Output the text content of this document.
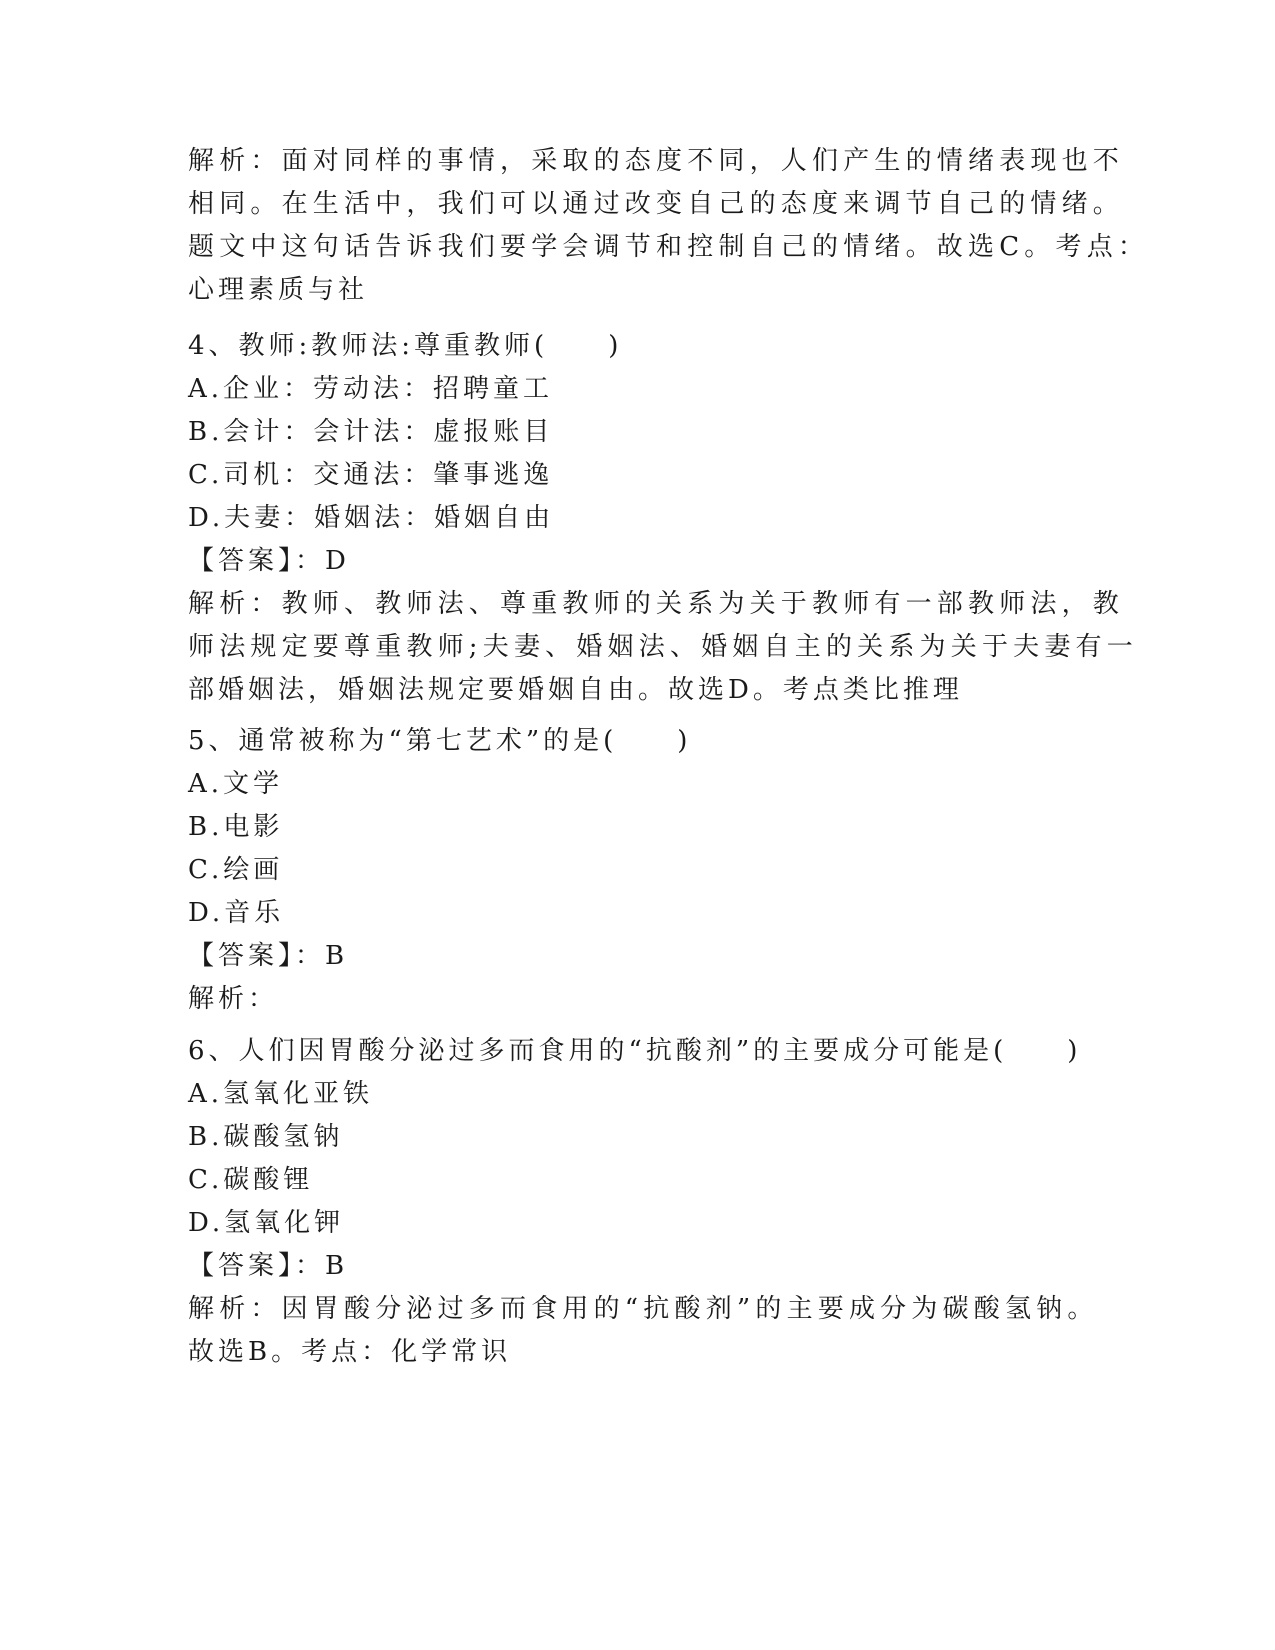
解析：面对同样的事情，采取的态度不同，人们产生的情绪表现也不
相同。在生活中，我们可以通过改变自己的态度来调节自己的情绪。
题文中这句话告诉我们要学会调节和控制自己的情绪。故选C。考点：
心理素质与社
4、教师:教师法:尊重教师(　　)
A.企业：劳动法：招聘童工
B.会计：会计法：虚报账目
C.司机：交通法：肇事逃逸
D.夫妻：婚姻法：婚姻自由
【答案】：D
解析：教师、教师法、尊重教师的关系为关于教师有一部教师法，教
师法规定要尊重教师;夫妻、婚姻法、婚姻自主的关系为关于夫妻有一
部婚姻法，婚姻法规定要婚姻自由。故选D。考点类比推理
5、通常被称为“第七艺术”的是(　　)
A.文学
B.电影
C.绘画
D.音乐
【答案】：B
解析：
6、人们因胃酸分泌过多而食用的“抗酸剂”的主要成分可能是(　　)
A.氢氧化亚铁
B.碳酸氢钠
C.碳酸锂
D.氢氧化钾
【答案】：B
解析：因胃酸分泌过多而食用的“抗酸剂”的主要成分为碳酸氢钠。
故选B。考点：化学常识
